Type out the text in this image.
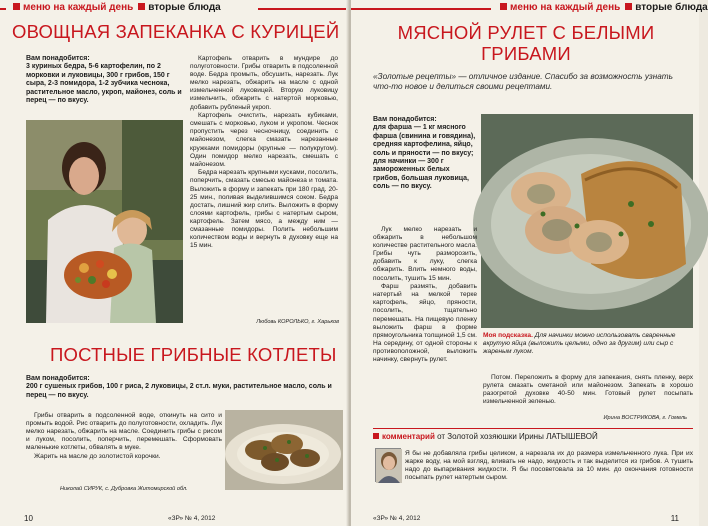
меню на каждый день вторые блюда
ОВОЩНАЯ ЗАПЕКАНКА С КУРИЦЕЙ
Вам понадобится:
3 куриных бедра, 5-6 картофелин, по 2 морковки и луковицы, 300 г грибов, 150 г сыра, 2-3 помидора, 1-2 зубчика чеснока, растительное масло, укроп, майонез, соль и перец — по вкусу.

Картофель отварить в мундире до полуготовности. Грибы отварить в подсоленной воде. Бедра промыть, обсушить, нарезать. Лук мелко нарезать, обжарить на масле с одной измельченной луковицей. Вторую луковицу измельчить, обжарить с натертой морковью, добавить рубленый укроп.

Картофель очистить, нарезать кубиками, смешать с морковью, луком и укропом. Чеснок пропустить через чесночницу, соединить с майонезом, слегка смазать нарезанные кружками помидоры (крупные — полукругом). Один помидор мелко нарезать, смешать с майонезом.

Бедра нарезать крупными кусками, посолить, поперчить, смазать смесью майонеза и томата. Выложить в форму и запекать при 180 град. 20-25 мин., поливая выделившимся соком. Бедра достать, лишний жир слить. Выложить в форму слоями картофель, грибы с натертым сыром, картофель. Затем мясо, а между ним — смазанные помидоры. Полить небольшим количеством воды и вернуть в духовку еще на 15 мин.

Любовь КОРОЛЬКО, г. Харьков
ПОСТНЫЕ ГРИБНЫЕ КОТЛЕТЫ
Вам понадобится:
200 г сушеных грибов, 100 г риса, 2 луковицы, 2 ст.л. муки, растительное масло, соль и перец — по вкусу.

Грибы отварить в подсоленной воде, откинуть на сито и промыть водой. Рис отварить до полуготовности, охладить. Лук мелко нарезать, обжарить на масле. Соединить грибы с рисом и луком, посолить, поперчить, перемешать. Сформовать маленькие котлеты, обвалять в муке.

Жарить на масле до золотистой корочки.

Николай СИРУК, с. Дубровка Житомирской обл.
10	«ЗР» № 4, 2012
меню на каждый день вторые блюда
МЯСНОЙ РУЛЕТ С БЕЛЫМИ ГРИБАМИ
«Золотые рецепты» — отличное издание. Спасибо за возможность узнать что-то новое и делиться своими рецептами.
Вам понадобится:
для фарша — 1 кг мясного фарша (свинина и говядина), средняя картофелина, яйцо, соль и пряности — по вкусу; для начинки — 300 г замороженных белых грибов, большая луковица, соль — по вкусу.

Лук мелко нарезать и обжарить в небольшом количестве растительного масла. Грибы чуть разморозить, добавить к луку, слегка обжарить. Влить немного воды, посолить, тушить 15 мин.

Фарш размять, добавить натертый на мелкой терке картофель, яйцо, пряности, посолить, тщательно перемешать. На пищевую пленку выложить фарш в форме прямоугольника толщиной 1,5 см. На середину, от одной стороны к противоположной, выложить начинку, свернуть рулет.

Моя подсказка. Для начинки можно использовать сваренные вкрутую яйца (выложить целыми, одно за другим) или сыр с жареным луком.

Потом. Переложить в форму для запекания, снять пленку, верх рулета смазать сметаной или майонезом. Запекать в хорошо разогретой духовке 40-50 мин. Готовый рулет посыпать измельченной зеленью.

Ирина ВОСТРИКОВА, г. Гомель
комментарий от Золотой хозяюшки Ирины ЛАТЫШЕВОЙ
Я бы не добавляла грибы целиком, а нарезала их до размера измельченного лука. При их жарке воду, на мой взгляд, вливать не надо, жидкость и так выделится из грибов. А тушить надо до выпаривания жидкости. Я бы посоветовала за 10 мин. до окончания готовности посыпать рулет натертым сыром.
«ЗР» № 4, 2012	11
